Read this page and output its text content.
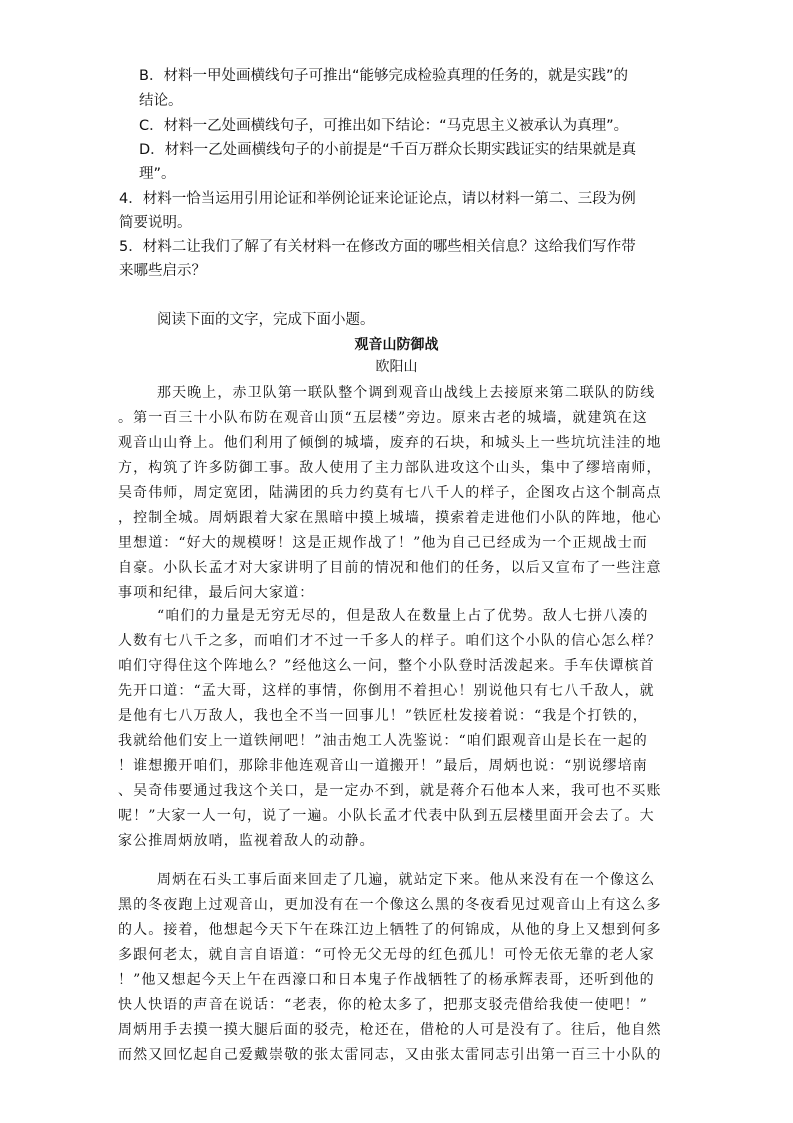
B．材料一甲处画横线句子可推出“能够完成检验真理的任务的，就是实践”的
结论。
C．材料一乙处画横线句子，可推出如下结论：“马克思主义被承认为真理”。
D．材料一乙处画横线句子的小前提是“千百万群众长期实践证实的结果就是真
理”。
4．材料一恰当运用引用论证和举例论证来论证论点，请以材料一第二、三段为例
简要说明。
5．材料二让我们了解了有关材料一在修改方面的哪些相关信息？这给我们写作带
来哪些启示？
阅读下面的文字，完成下面小题。
观音山防御战
欧阳山
那天晚上，赤卫队第一联队整个调到观音山战线上去接原来第二联队的防线
。第一百三十小队布防在观音山顶“五层楼”旁边。原来古老的城墙，就建筑在这
观音山山脊上。他们利用了倾倒的城墙，废弃的石块，和城头上一些坑坑洼洼的地
方，构筑了许多防御工事。敌人使用了主力部队进攻这个山头，集中了缪培南师，
吴奇伟师，周定宽团，陆满团的兵力约莫有七八千人的样子，企图攻占这个制高点
，控制全城。周炳跟着大家在黑暗中摸上城墙，摸索着走进他们小队的阵地，他心
里想道：“好大的规模呀！这是正规作战了！”他为自己已经成为一个正规战士而
自豪。小队长孟才对大家讲明了目前的情况和他们的任务，以后又宣布了一些注意
事项和纪律，最后问大家道：
“咱们的力量是无穷无尽的，但是敌人在数量上占了优势。敌人七拼八凑的
人数有七八千之多，而咱们才不过一千多人的样子。咱们这个小队的信心怎么样？
咱们守得住这个阵地么？”经他这么一问，整个小队登时活泼起来。手车伕谭槟首
先开口道：“孟大哥，这样的事情，你倒用不着担心！别说他只有七八千敌人，就
是他有七八万敌人，我也全不当一回事儿！”铁匠杜发接着说：“我是个打铁的，
我就给他们安上一道铁闸吧！”油击炮工人冼鉴说：“咱们跟观音山是长在一起的
！谁想搬开咱们，那除非他连观音山一道搬开！”最后，周炳也说：“别说缪培南
、吴奇伟要通过我这个关口，是一定办不到，就是蒋介石他本人来，我可也不买账
呢！”大家一人一句，说了一遍。小队长孟才代表中队到五层楼里面开会去了。大
家公推周炳放哨，监视着敌人的动静。
周炳在石头工事后面来回走了几遍，就站定下来。他从来没有在一个像这么
黑的冬夜跑上过观音山，更加没有在一个像这么黑的冬夜看见过观音山上有这么多
的人。接着，他想起今天下午在珠江边上牺牲了的何锦成，从他的身上又想到何多
多跟何老太，就自言自语道：“可怜无父无母的红色孤儿！可怜无依无靠的老人家
！”他又想起今天上午在西濠口和日本鬼子作战牺牲了的杨承辉表哥，还听到他的
快人快语的声音在说话：“老表，你的枪太多了，把那支驳壳借给我使一使吧！”
周炳用手去摸一摸大腿后面的驳壳，枪还在，借枪的人可是没有了。往后，他自然
而然又回忆起自己爱戴崇敬的张太雷同志，又由张太雷同志引出第一百三十小队的
